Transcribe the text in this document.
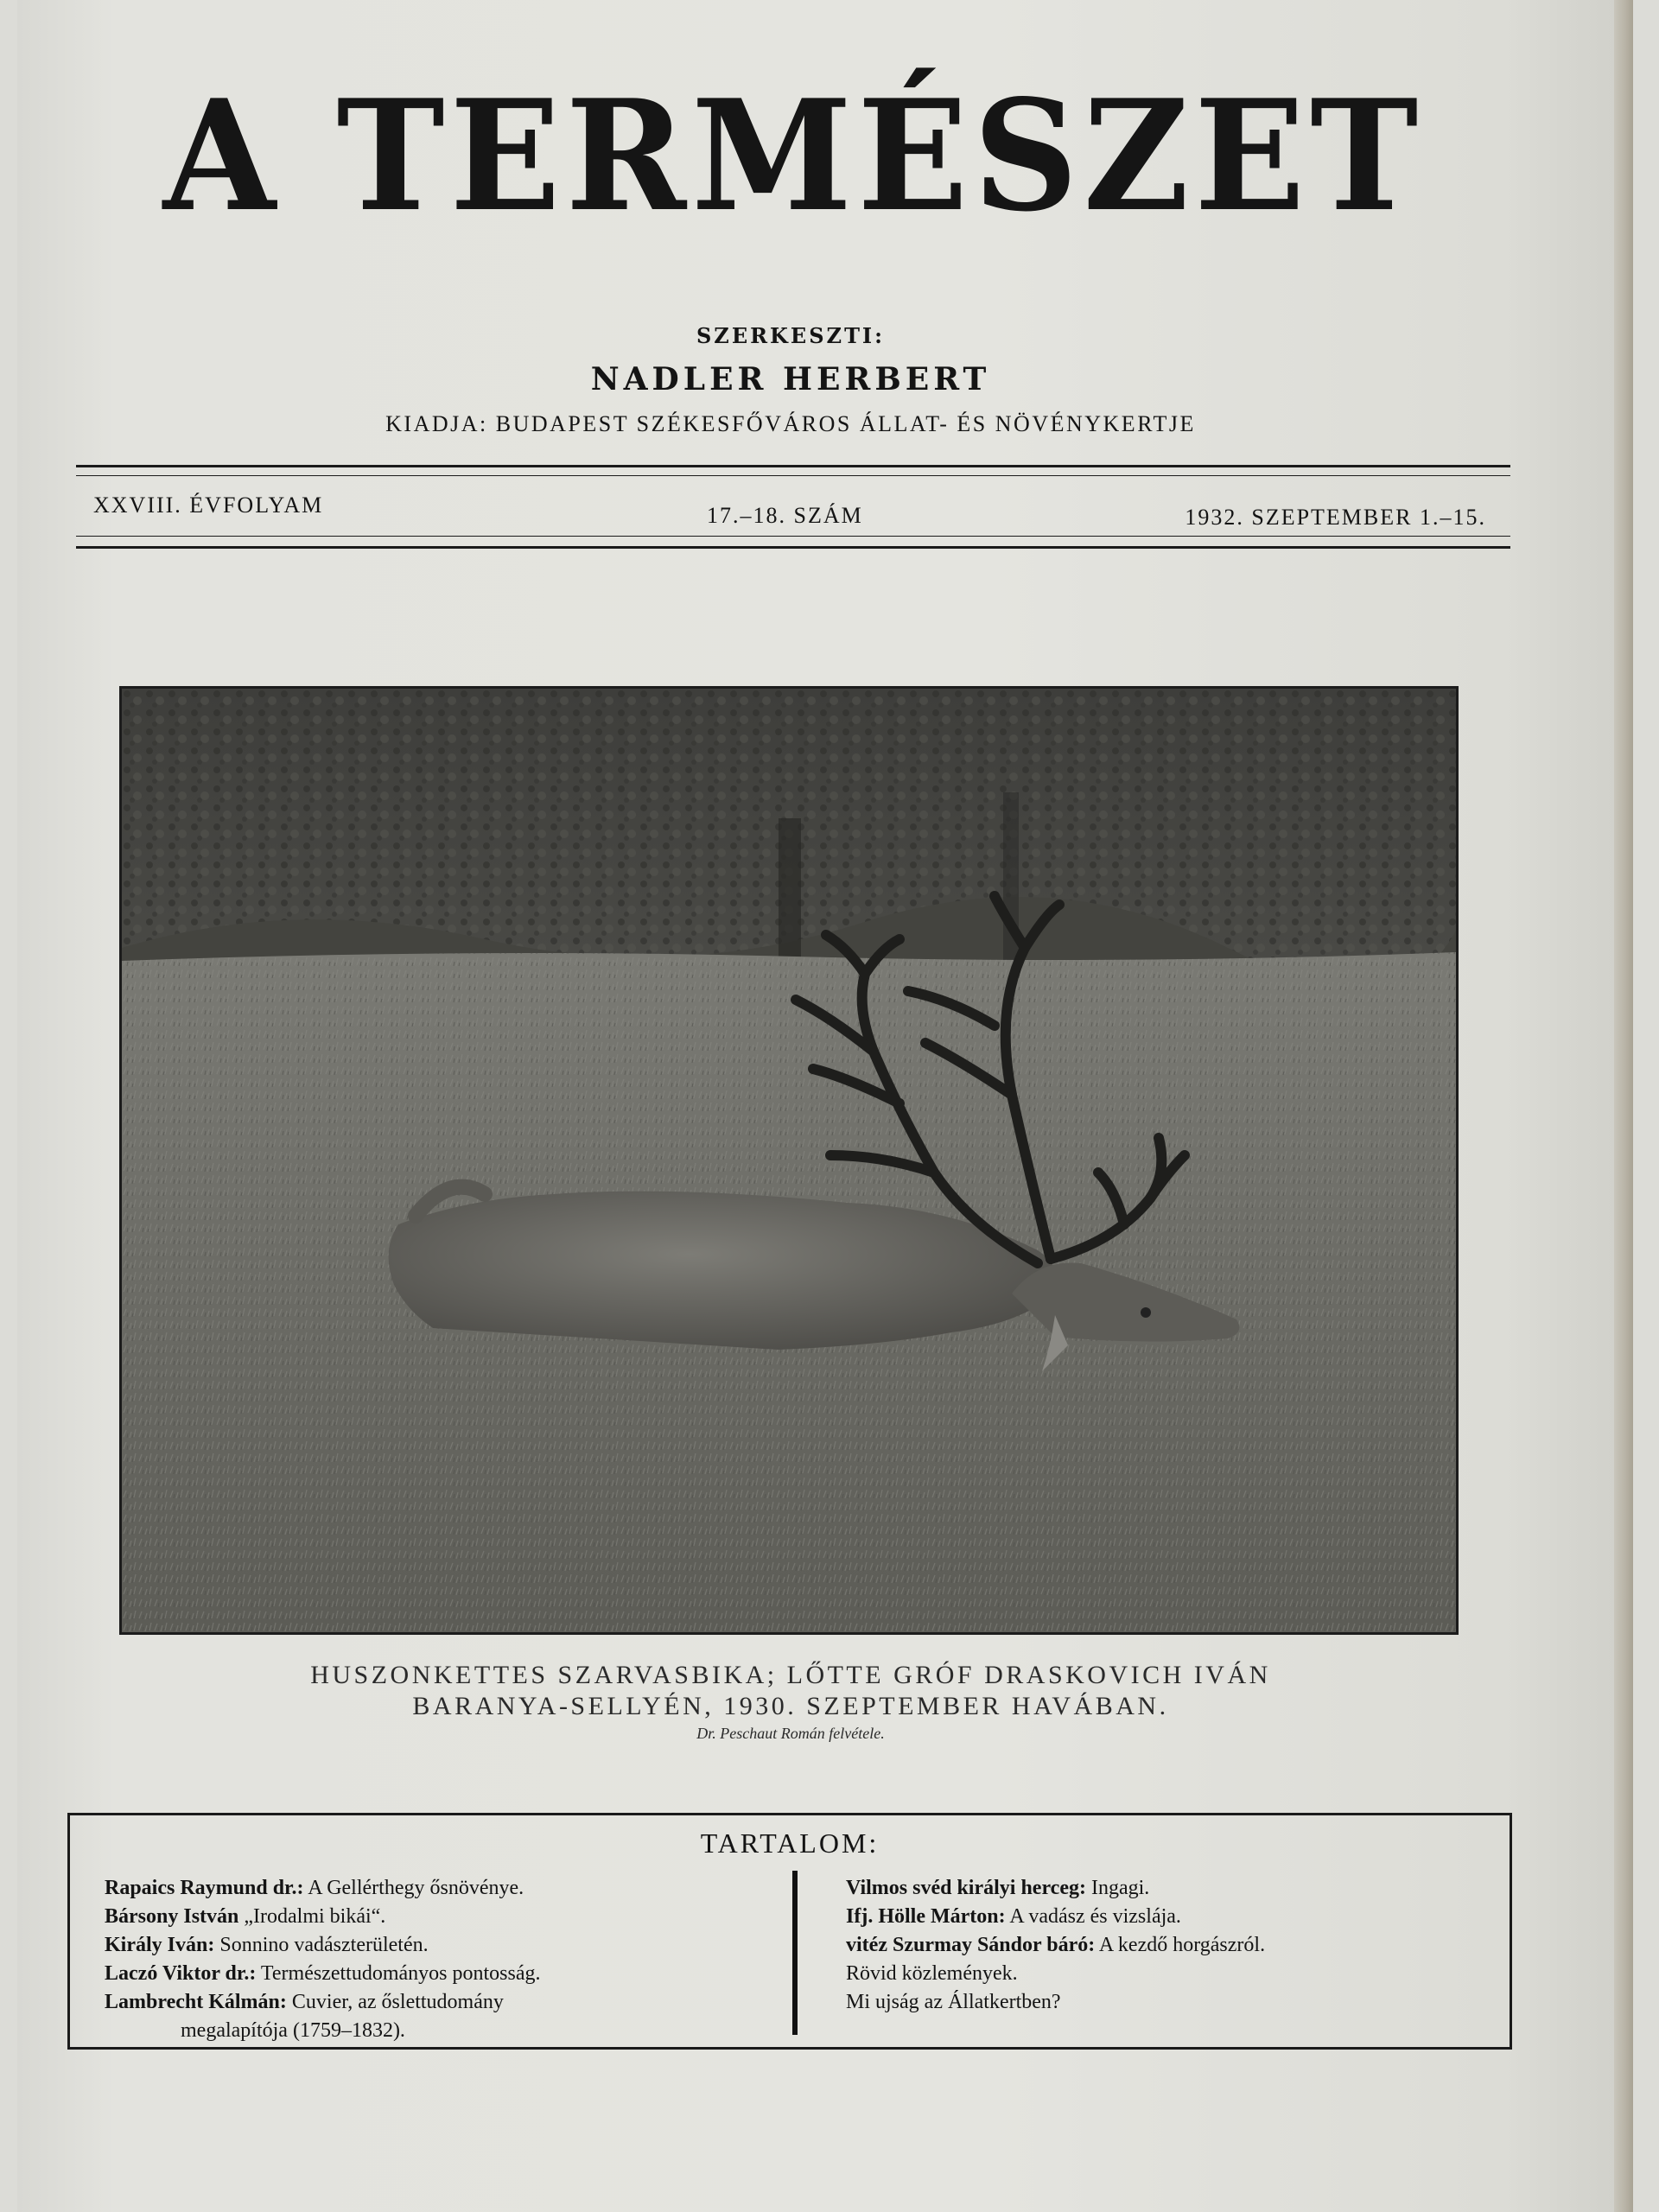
A TERMÉSZET
SZERKESZTI:
NADLER HERBERT
KIADJA: BUDAPEST SZÉKESFŐVÁROS ÁLLAT- ÉS NÖVÉNYKERTJE
XXVIII. ÉVFOLYAM	17.–18. SZÁM	1932. SZEPTEMBER 1.–15.
HUSZONKETTES SZARVASBIKA; LŐTTE GRÓF DRASKOVICH IVÁN
BARANYA-SELLYÉN, 1930. SZEPTEMBER HAVÁBAN.
Dr. Peschaut Román felvétele.
TARTALOM:
Rapaics Raymund dr.: A Gellérthegy ősnövénye.
Bársony István „Irodalmi bikái“.
Király Iván: Sonnino vadászterületén.
Laczó Viktor dr.: Természettudományos pontosság.
Lambrecht Kálmán: Cuvier, az őslettudomány
megalapítója (1759–1832).
Vilmos svéd királyi herceg: Ingagi.
Ifj. Hölle Márton: A vadász és vizslája.
vitéz Szurmay Sándor báró: A kezdő horgászról.
Rövid közlemények.
Mi ujság az Állatkertben?
